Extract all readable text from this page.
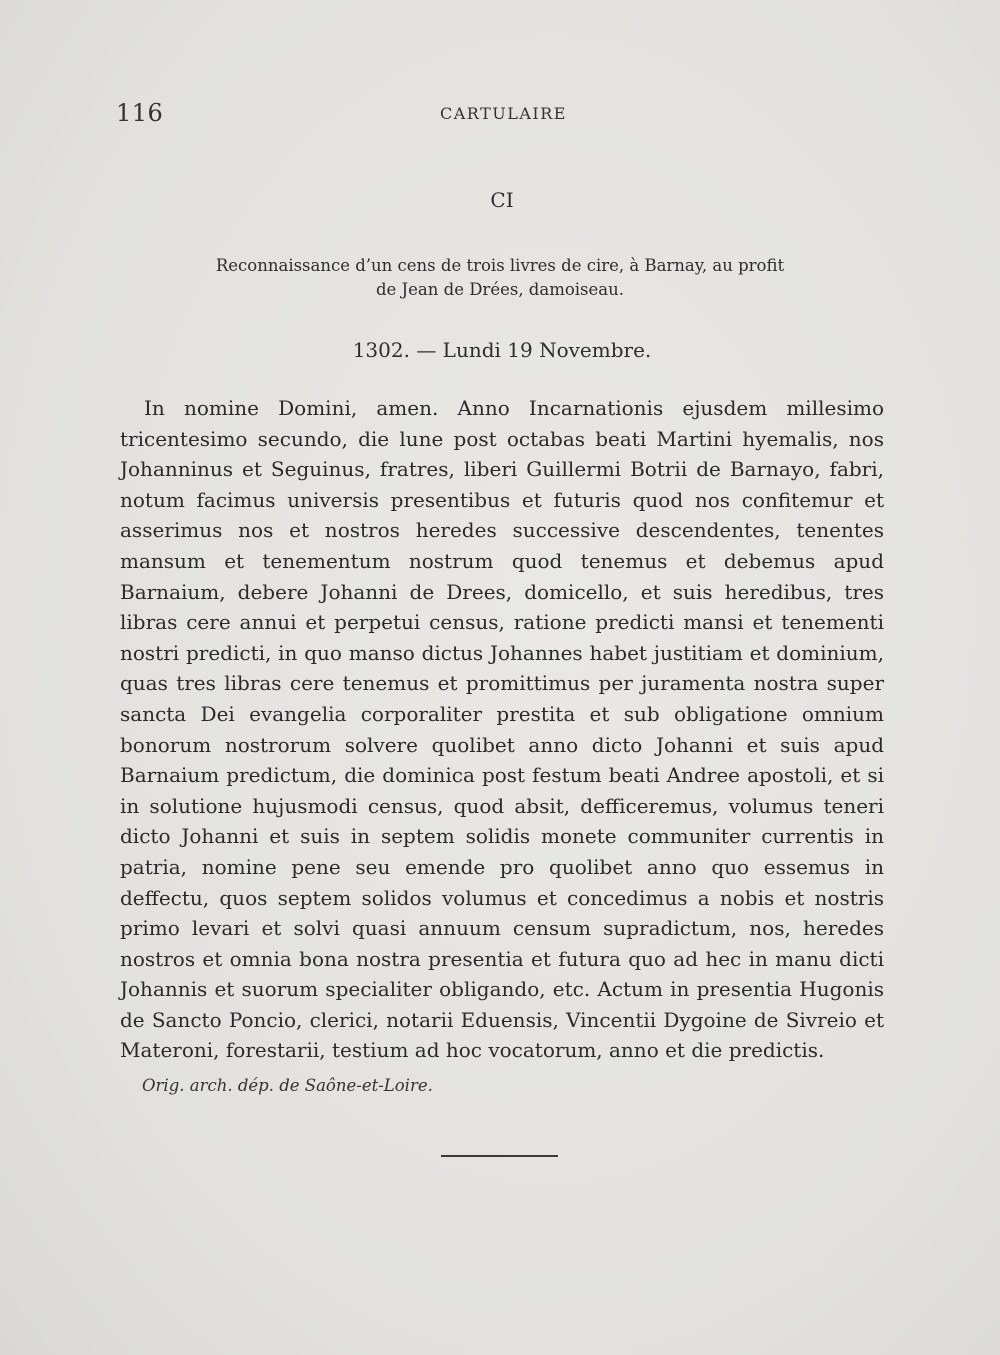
116	CARTULAIRE
CI
Reconnaissance d’un cens de trois livres de cire, à Barnay, au profit de Jean de Drées, damoiseau.
1302. — Lundi 19 Novembre.

In nomine Domini, amen. Anno Incarnationis ejusdem millesimo tricentesimo secundo, die lune post octabas beati Martini hyemalis, nos Johanninus et Seguinus, fratres, liberi Guillermi Botrii de Barnayo, fabri, notum facimus universis presentibus et futuris quod nos confitemur et asserimus nos et nostros heredes successive descendentes, tenentes mansum et tenementum nostrum quod tenemus et debemus apud Barnaium, debere Johanni de Drees, domicello, et suis heredibus, tres libras cere annui et perpetui census, ratione predicti mansi et tenementi nostri predicti, in quo manso dictus Johannes habet justitiam et dominium, quas tres libras cere tenemus et promittimus per juramenta nostra super sancta Dei evangelia corporaliter prestita et sub obligatione omnium bonorum nostrorum solvere quolibet anno dicto Johanni et suis apud Barnaium predictum, die dominica post festum beati Andree apostoli, et si in solutione hujusmodi census, quod absit, defficeremus, volumus teneri dicto Johanni et suis in septem solidis monete communiter currentis in patria, nomine pene seu emende pro quolibet anno quo essemus in deffectu, quos septem solidos volumus et concedimus a nobis et nostris primo levari et solvi quasi annuum censum supradictum, nos, heredes nostros et omnia bona nostra presentia et futura quo ad hec in manu dicti Johannis et suorum specialiter obligando, etc. Actum in presentia Hugonis de Sancto Poncio, clerici, notarii Eduensis, Vincentii Dygoine de Sivreio et Materoni, forestarii, testium ad hoc vocatorum, anno et die predictis.

Orig. arch. dép. de Saône-et-Loire.
